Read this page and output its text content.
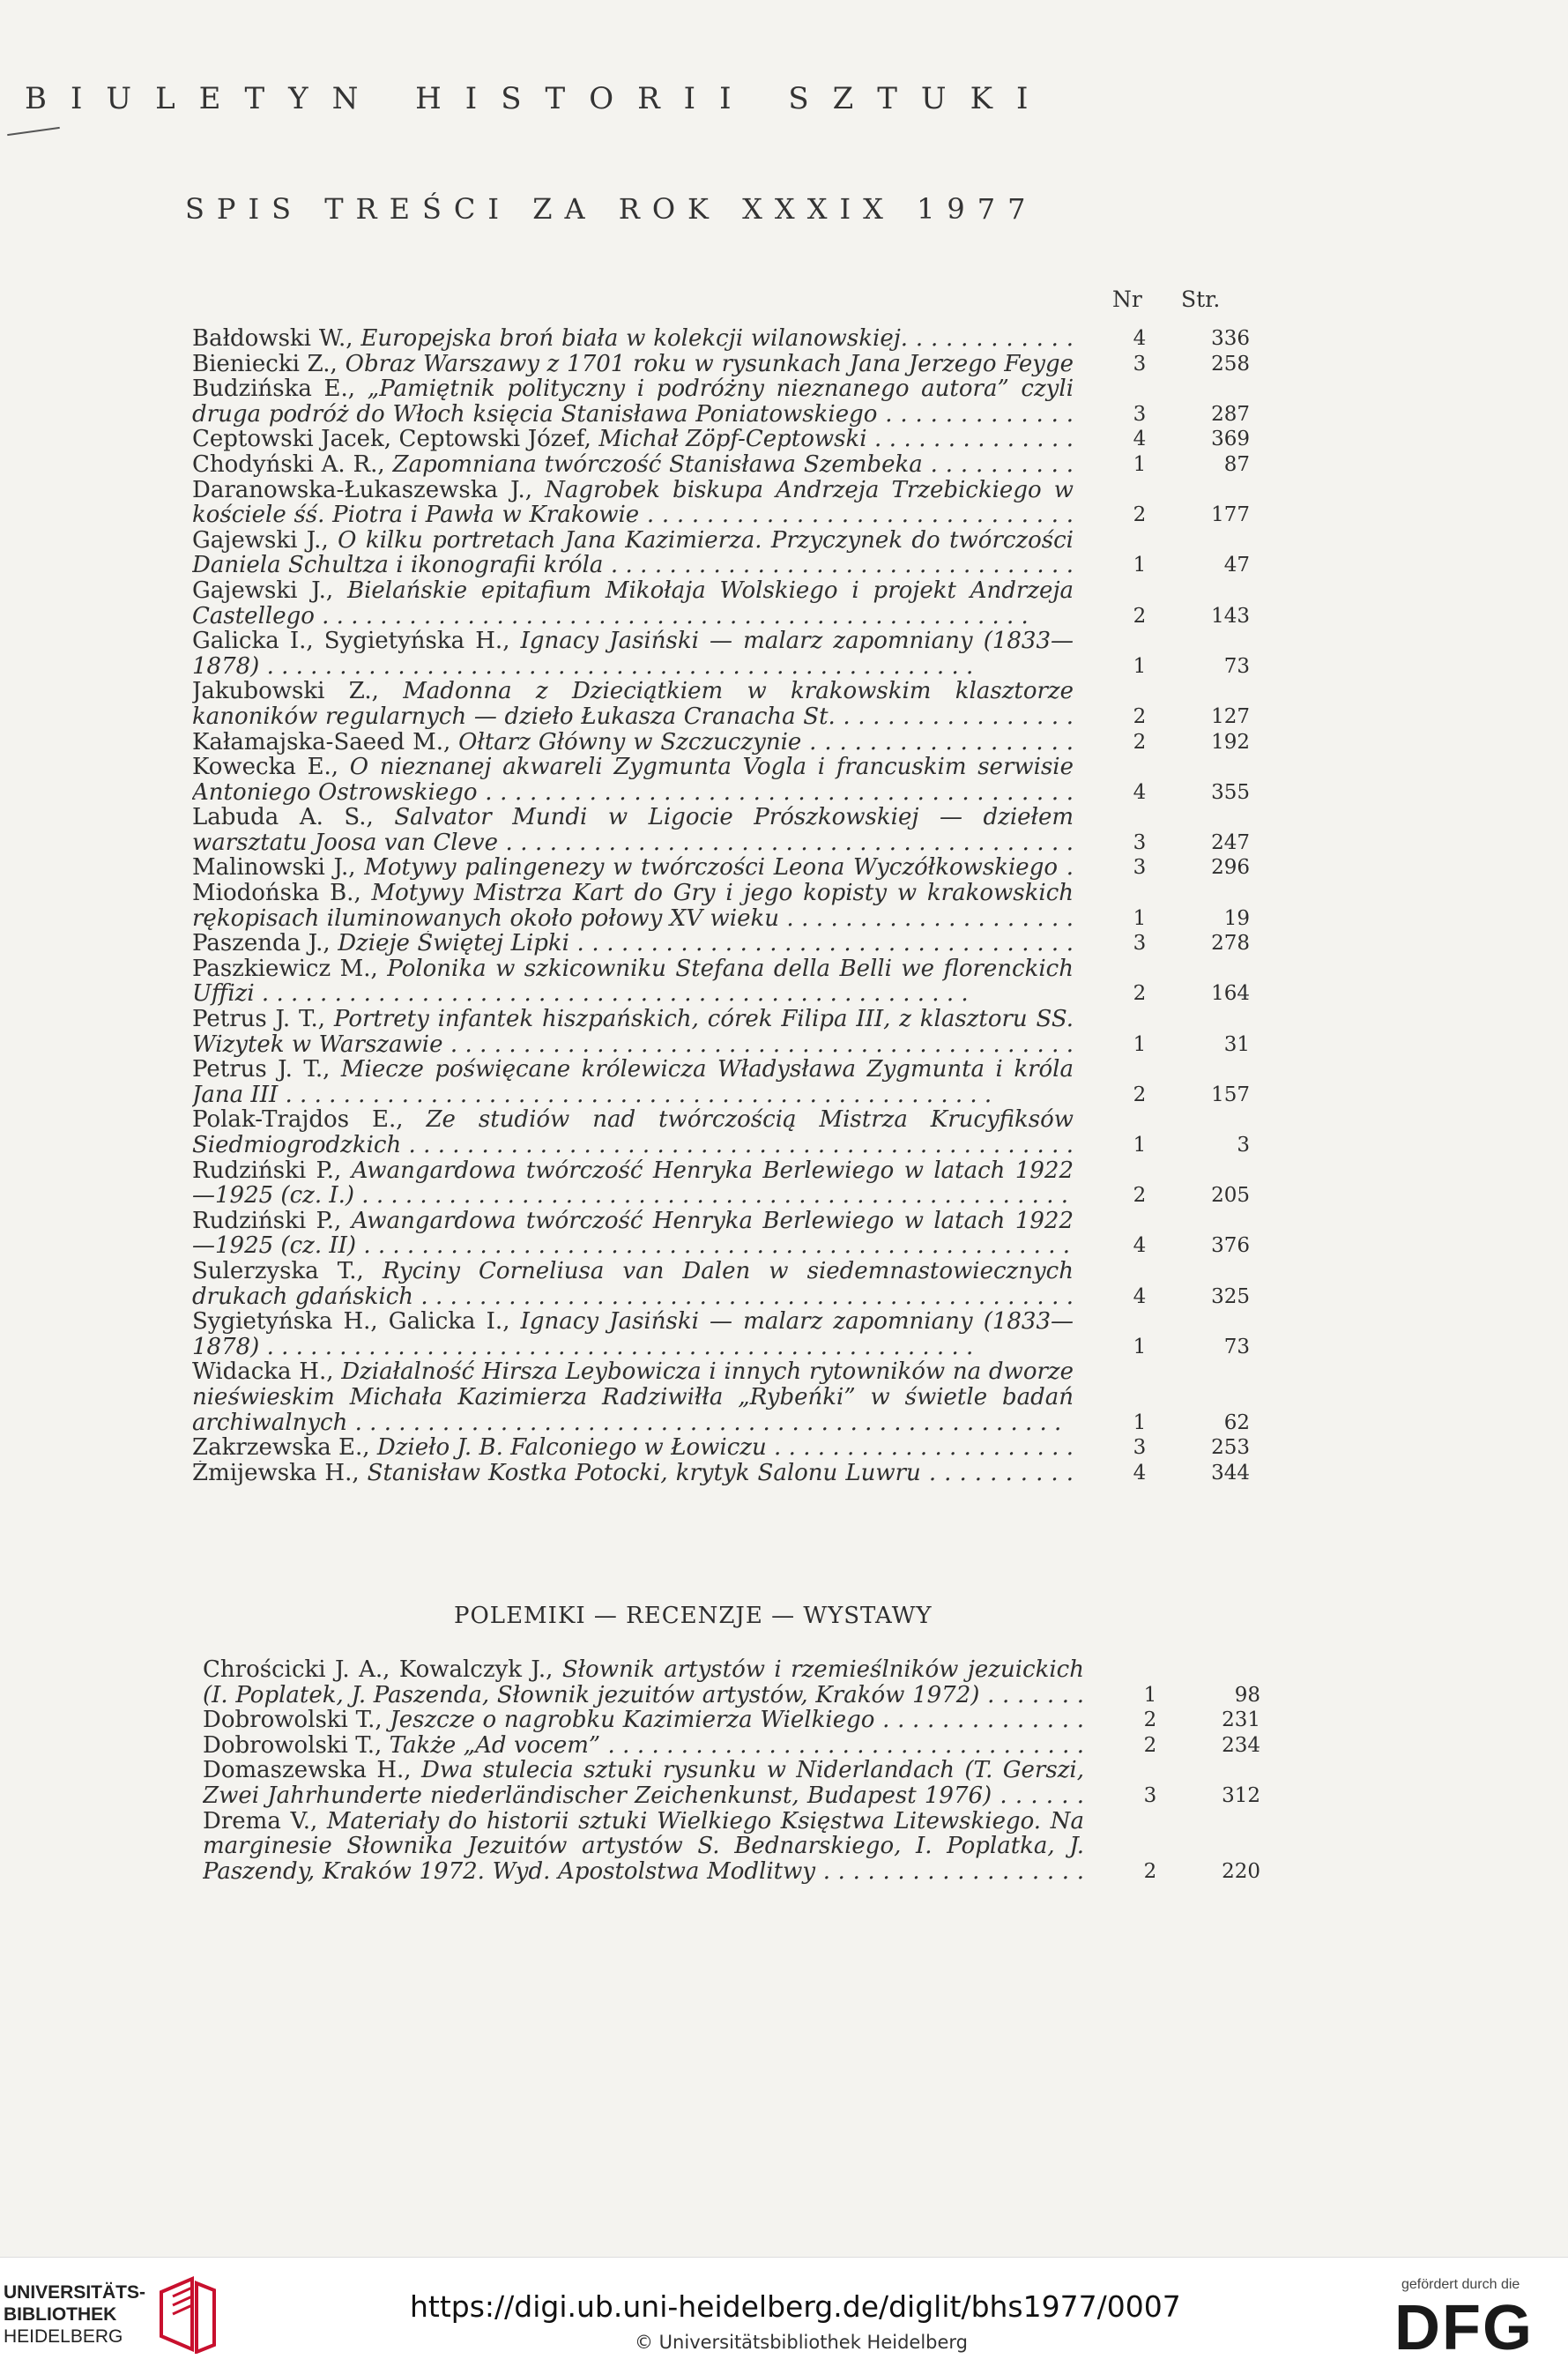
BIULETYN HISTORII SZTUKI
SPIS TREŚCI ZA ROK XXXIX 1977
Nr Str.
Bałdowski W., Europejska broń biała w kolekcji wilanowskiej. . . .	4	336
Bieniecki Z., Obraz Warszawy z 1701 roku w rysunkach Jana Jerzego Feyge . . .	3	258
Budzińska E., „Pamiętnik polityczny i podróżny nieznanego autora” czyli druga podróż do Włoch księcia Stanisława Poniatowskiego . . .	3	287
Ceptowski Jacek, Ceptowski Józef, Michał Zöpf-Ceptowski . . .	4	369
Chodyński A. R., Zapomniana twórczość Stanisława Szembeka . . .	1	87
Daranowska-Łukaszewska J., Nagrobek biskupa Andrzeja Trzebickiego w kościele śś. Piotra i Pawła w Krakowie . . .	2	177
Gajewski J., O kilku portretach Jana Kazimierza. Przyczynek do twórczości Daniela Schultza i ikonografii króla . . .	1	47
Gajewski J., Bielańskie epitafium Mikołaja Wolskiego i projekt Andrzeja Castellego . . .	2	143
Galicka I., Sygietyńska H., Ignacy Jasiński — malarz zapomniany (1833—1878) . . .	1	73
Jakubowski Z., Madonna z Dzieciątkiem w krakowskim klasztorze kanoników regularnych — dzieło Łukasza Cranacha St. . . .	2	127
Kałamajska-Saeed M., Ołtarz Główny w Szczuczynie . . .	2	192
Kowecka E., O nieznanej akwareli Zygmunta Vogla i francuskim serwisie Antoniego Ostrowskiego . . .	4	355
Labuda A. S., Salvator Mundi w Ligocie Prószkowskiej — dziełem warsztatu Joosa van Cleve . . .	3	247
Malinowski J., Motywy palingenezy w twórczości Leona Wyczółkowskiego . . .	3	296
Miodońska B., Motywy Mistrza Kart do Gry i jego kopisty w krakowskich rękopisach iluminowanych około połowy XV wieku . . .	1	19
Paszenda J., Dzieje Świętej Lipki . . .	3	278
Paszkiewicz M., Polonika w szkicowniku Stefana della Belli we florenckich Uffizi . . .	2	164
Petrus J. T., Portrety infantek hiszpańskich, córek Filipa III, z klasztoru SS. Wizytek w Warszawie . . .	1	31
Petrus J. T., Miecze poświęcane królewicza Władysława Zygmunta i króla Jana III . . .	2	157
Polak-Trajdos E., Ze studiów nad twórczością Mistrza Krucyfiksów Siedmiogrodzkich . . .	1	3
Rudziński P., Awangardowa twórczość Henryka Berlewiego w latach 1922—1925 (cz. I.) . . .	2	205
Rudziński P., Awangardowa twórczość Henryka Berlewiego w latach 1922—1925 (cz. II) . . .	4	376
Sulerzyska T., Ryciny Corneliusa van Dalen w siedemnastowiecznych drukach gdańskich . . .	4	325
Sygietyńska H., Galicka I., Ignacy Jasiński — malarz zapomniany (1833—1878) . . .	1	73
Widacka H., Działalność Hirsza Leybowicza i innych rytowników na dworze nieświeskim Michała Kazimierza Radziwiłła „Rybeńki” w świetle badań archiwalnych . . .	1	62
Zakrzewska E., Dzieło J. B. Falconiego w Łowiczu . . .	3	253
Żmijewska H., Stanisław Kostka Potocki, krytyk Salonu Luwru . . .	4	344
POLEMIKI — RECENZJE — WYSTAWY
Chrościcki J. A., Kowalczyk J., Słownik artystów i rzemieślników jezuickich (I. Poplatek, J. Paszenda, Słownik jezuitów artystów, Kraków 1972) . . .	1	98
Dobrowolski T., Jeszcze o nagrobku Kazimierza Wielkiego . . .	2	231
Dobrowolski T., Także „Ad vocem” . . .	2	234
Domaszewska H., Dwa stulecia sztuki rysunku w Niderlandach (T. Gerszi, Zwei Jahrhunderte niederländischer Zeichenkunst, Budapest 1976) . . .	3	312
Drema V., Materiały do historii sztuki Wielkiego Księstwa Litewskiego. Na marginesie Słownika Jezuitów artystów S. Bednarskiego, I. Poplatka, J. Paszendy, Kraków 1972. Wyd. Apostolstwa Modlitwy . . .	2	220
UNIVERSITÄTS-
BIBLIOTHEK
HEIDELBERG
https://digi.ub.uni-heidelberg.de/diglit/bhs1977/0007
© Universitätsbibliothek Heidelberg
gefördert durch die
DFG
